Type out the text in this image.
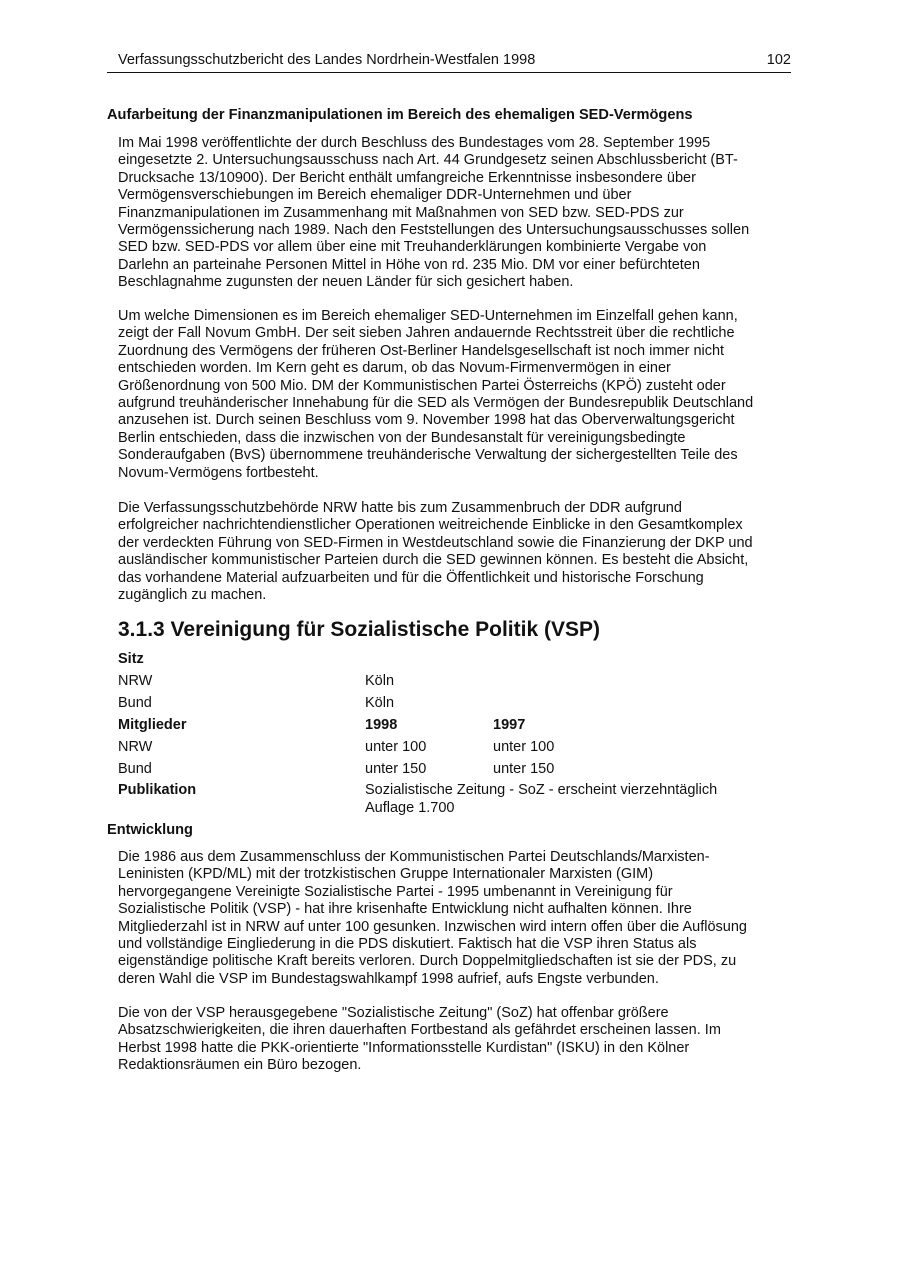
Verfassungsschutzbericht des Landes Nordrhein-Westfalen 1998	102
Aufarbeitung der Finanzmanipulationen im Bereich des ehemaligen SED-Vermögens

Im Mai 1998 veröffentlichte der durch Beschluss des Bundestages vom 28. September 1995

eingesetzte 2. Untersuchungsausschuss nach Art. 44 Grundgesetz seinen Abschlussbericht (BT-

Drucksache 13/10900). Der Bericht enthält umfangreiche Erkenntnisse insbesondere über

Vermögensverschiebungen im Bereich ehemaliger DDR-Unternehmen und über

Finanzmanipulationen im Zusammenhang mit Maßnahmen von SED bzw. SED-PDS zur

Vermögenssicherung nach 1989. Nach den Feststellungen des Untersuchungsausschusses sollen

SED bzw. SED-PDS vor allem über eine mit Treuhanderklärungen kombinierte Vergabe von

Darlehn an parteinahe Personen Mittel in Höhe von rd. 235 Mio. DM vor einer befürchteten

Beschlagnahme zugunsten der neuen Länder für sich gesichert haben.

Um welche Dimensionen es im Bereich ehemaliger SED-Unternehmen im Einzelfall gehen kann,

zeigt der Fall Novum GmbH. Der seit sieben Jahren andauernde Rechtsstreit über die rechtliche

Zuordnung des Vermögens der früheren Ost-Berliner Handelsgesellschaft ist noch immer nicht

entschieden worden. Im Kern geht es darum, ob das Novum-Firmenvermögen in einer

Größenordnung von 500 Mio. DM der Kommunistischen Partei Österreichs (KPÖ) zusteht oder

aufgrund treuhänderischer Innehabung für die SED als Vermögen der Bundesrepublik Deutschland

anzusehen ist. Durch seinen Beschluss vom 9. November 1998 hat das Oberverwaltungsgericht

Berlin entschieden, dass die inzwischen von der Bundesanstalt für vereinigungsbedingte

Sonderaufgaben (BvS) übernommene treuhänderische Verwaltung der sichergestellten Teile des

Novum-Vermögens fortbesteht.

Die Verfassungsschutzbehörde NRW hatte bis zum Zusammenbruch der DDR aufgrund

erfolgreicher nachrichtendienstlicher Operationen weitreichende Einblicke in den Gesamtkomplex

der verdeckten Führung von SED-Firmen in Westdeutschland sowie die Finanzierung der DKP und

ausländischer kommunistischer Parteien durch die SED gewinnen können. Es besteht die Absicht,

das vorhandene Material aufzuarbeiten und für die Öffentlichkeit und historische Forschung

zugänglich zu machen.

3.1.3 Vereinigung für Sozialistische Politik (VSP)
Sitz
NRW	Köln
Bund	Köln
Mitglieder	1998	1997
NRW	unter 100	unter 100
Bund	unter 150	unter 150
Publikation	Sozialistische Zeitung - SoZ - erscheint vierzehntäglich
Auflage 1.700
Entwicklung

Die 1986 aus dem Zusammenschluss der Kommunistischen Partei Deutschlands/Marxisten-

Leninisten (KPD/ML) mit der trotzkistischen Gruppe Internationaler Marxisten (GIM)

hervorgegangene Vereinigte Sozialistische Partei - 1995 umbenannt in Vereinigung für

Sozialistische Politik (VSP) - hat ihre krisenhafte Entwicklung nicht aufhalten können. Ihre

Mitgliederzahl ist in NRW auf unter 100 gesunken. Inzwischen wird intern offen über die Auflösung

und vollständige Eingliederung in die PDS diskutiert. Faktisch hat die VSP ihren Status als

eigenständige politische Kraft bereits verloren. Durch Doppelmitgliedschaften ist sie der PDS, zu

deren Wahl die VSP im Bundestagswahlkampf 1998 aufrief, aufs Engste verbunden.

Die von der VSP herausgegebene "Sozialistische Zeitung" (SoZ) hat offenbar größere

Absatzschwierigkeiten, die ihren dauerhaften Fortbestand als gefährdet erscheinen lassen. Im

Herbst 1998 hatte die PKK-orientierte "Informationsstelle Kurdistan" (ISKU) in den Kölner

Redaktionsräumen ein Büro bezogen.
